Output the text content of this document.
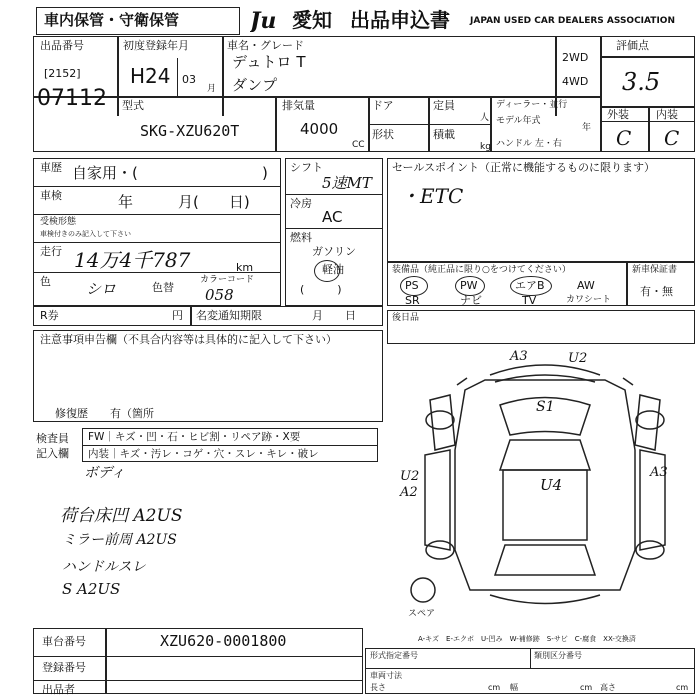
車内保管・守衛保管	Ju 愛知 出品申込書 JAPAN USED CAR DEALERS ASSOCIATION
出品番号
[2152]
07112
初度登録年月
H24 03
月
車名・グレード
デュトロ T
ダンプ
2WD
4WD
評価点
3.5
外装 内装
C C
型式
SKG-XZU620T
排気量
4000
CC
ドア	定員
人
形状	積載
kg
ディーラー・並行
モデル年式
年
ハンドル 左・右
車歴 自家用・(	)
車検	年　　　月(　　日)
受検形態
車検付きのみ記入して下さい
走行 14万4千787	km
色 シロ	色替
カラーコード
058
シフト
5速MT
冷房
AC
燃料
ガソリン
軽油
(　　　)
セールスポイント（正常に機能するものに限ります）
・ETC
装備品（純正品に限り○をつけてください）
PS	PW	エアB	AW
SR	ナビ	TV	カワシート
新車保証書
有・無
R券	円 名変通知期限	月　　日	後日品
注意事項申告欄（不具合内容等は具体的に記入して下さい）
修復歴　　有（箇所
検査員
記入欄
FW｜キズ・凹・石・ヒビ割・リペア跡・X要
内装｜キズ・汚レ・コゲ・穴・スレ・キレ・破レ
ボディ
荷台床凹 A2US
ミラー前周 A2US
ハンドルスレ
S A2US
A3	U2
S1
U4
U2
A2
A3
スペア
A-キズ　E-エクボ　U-凹み　W-補修跡　S-サビ　C-腐食　XX-交換済
車台番号	XZU620-0001800
登録番号
出品者
形式指定番号	類別区分番号
車両寸法
長さ	cm 幅	cm 高さ	cm
